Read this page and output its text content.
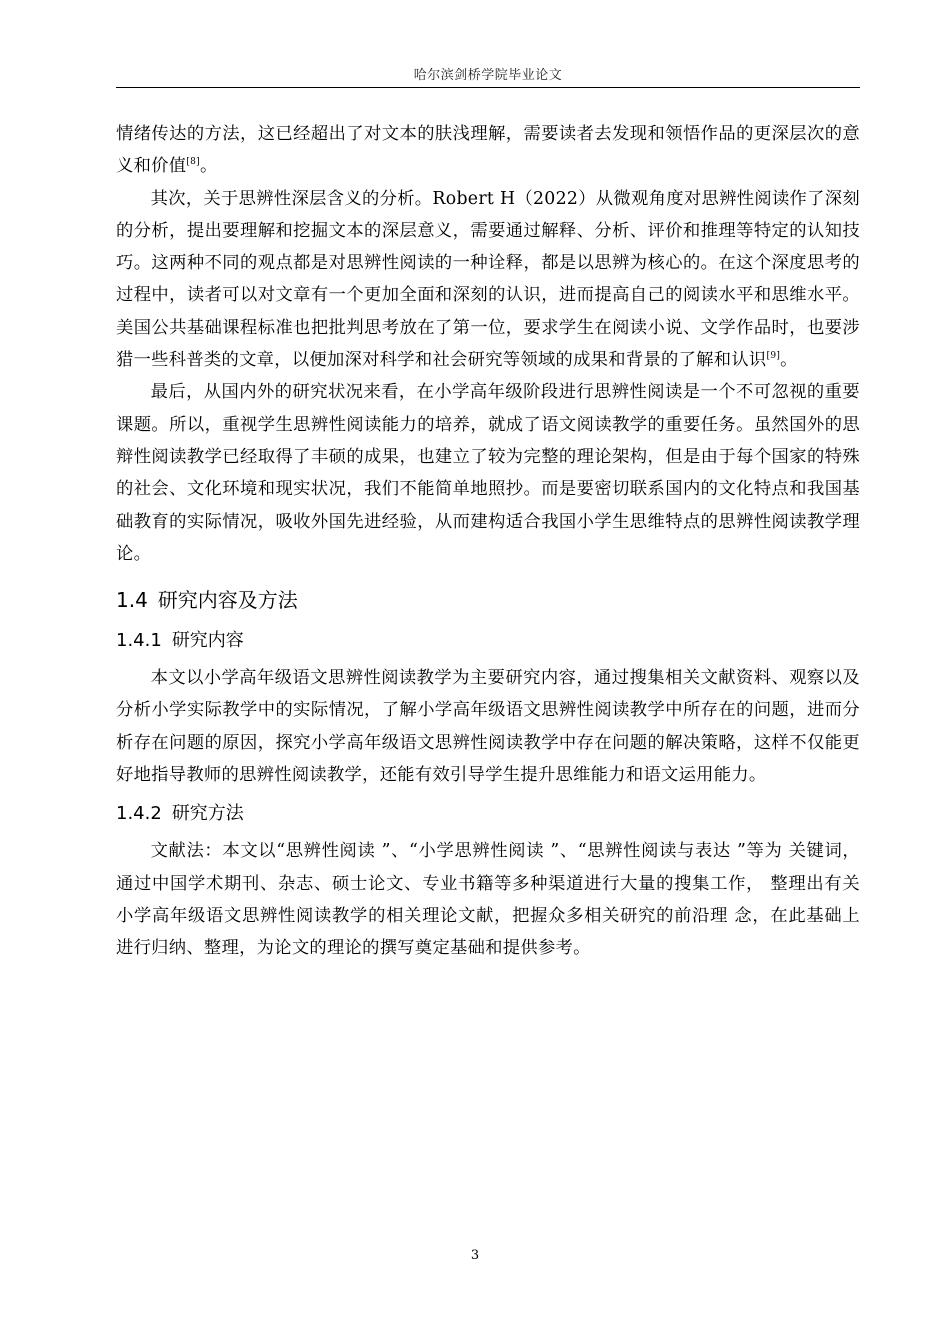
哈尔滨剑桥学院毕业论文

情绪传达的方法，这已经超出了对文本的肤浅理解，需要读者去发现和领悟作品的更深层次的意义和价值[8]。

其次，关于思辨性深层含义的分析。Robert H（2022）从微观角度对思辨性阅读作了深刻的分析，提出要理解和挖掘文本的深层意义，需要通过解释、分析、评价和推理等特定的认知技巧。这两种不同的观点都是对思辨性阅读的一种诠释，都是以思辨为核心的。在这个深度思考的过程中，读者可以对文章有一个更加全面和深刻的认识，进而提高自己的阅读水平和思维水平。美国公共基础课程标准也把批判思考放在了第一位，要求学生在阅读小说、文学作品时，也要涉猎一些科普类的文章，以便加深对科学和社会研究等领域的成果和背景的了解和认识[9]。

最后，从国内外的研究状况来看，在小学高年级阶段进行思辨性阅读是一个不可忽视的重要课题。所以，重视学生思辨性阅读能力的培养，就成了语文阅读教学的重要任务。虽然国外的思辩性阅读教学已经取得了丰硕的成果，也建立了较为完整的理论架构，但是由于每个国家的特殊的社会、文化环境和现实状况，我们不能简单地照抄。而是要密切联系国内的文化特点和我国基础教育的实际情况，吸收外国先进经验，从而建构适合我国小学生思维特点的思辨性阅读教学理论。

1.4 研究内容及方法
1.4.1 研究内容

本文以小学高年级语文思辨性阅读教学为主要研究内容，通过搜集相关文献资料、观察以及分析小学实际教学中的实际情况，了解小学高年级语文思辨性阅读教学中所存在的问题，进而分析存在问题的原因，探究小学高年级语文思辨性阅读教学中存在问题的解决策略，这样不仅能更好地指导教师的思辨性阅读教学，还能有效引导学生提升思维能力和语文运用能力。

1.4.2 研究方法

文献法：本文以“思辨性阅读 ”、“小学思辨性阅读 ”、“思辨性阅读与表达 ”等为 关键词，通过中国学术期刊、杂志、硕士论文、专业书籍等多种渠道进行大量的搜集工作， 整理出有关小学高年级语文思辨性阅读教学的相关理论文献，把握众多相关研究的前沿理 念，在此基础上进行归纳、整理，为论文的理论的撰写奠定基础和提供参考。

3
